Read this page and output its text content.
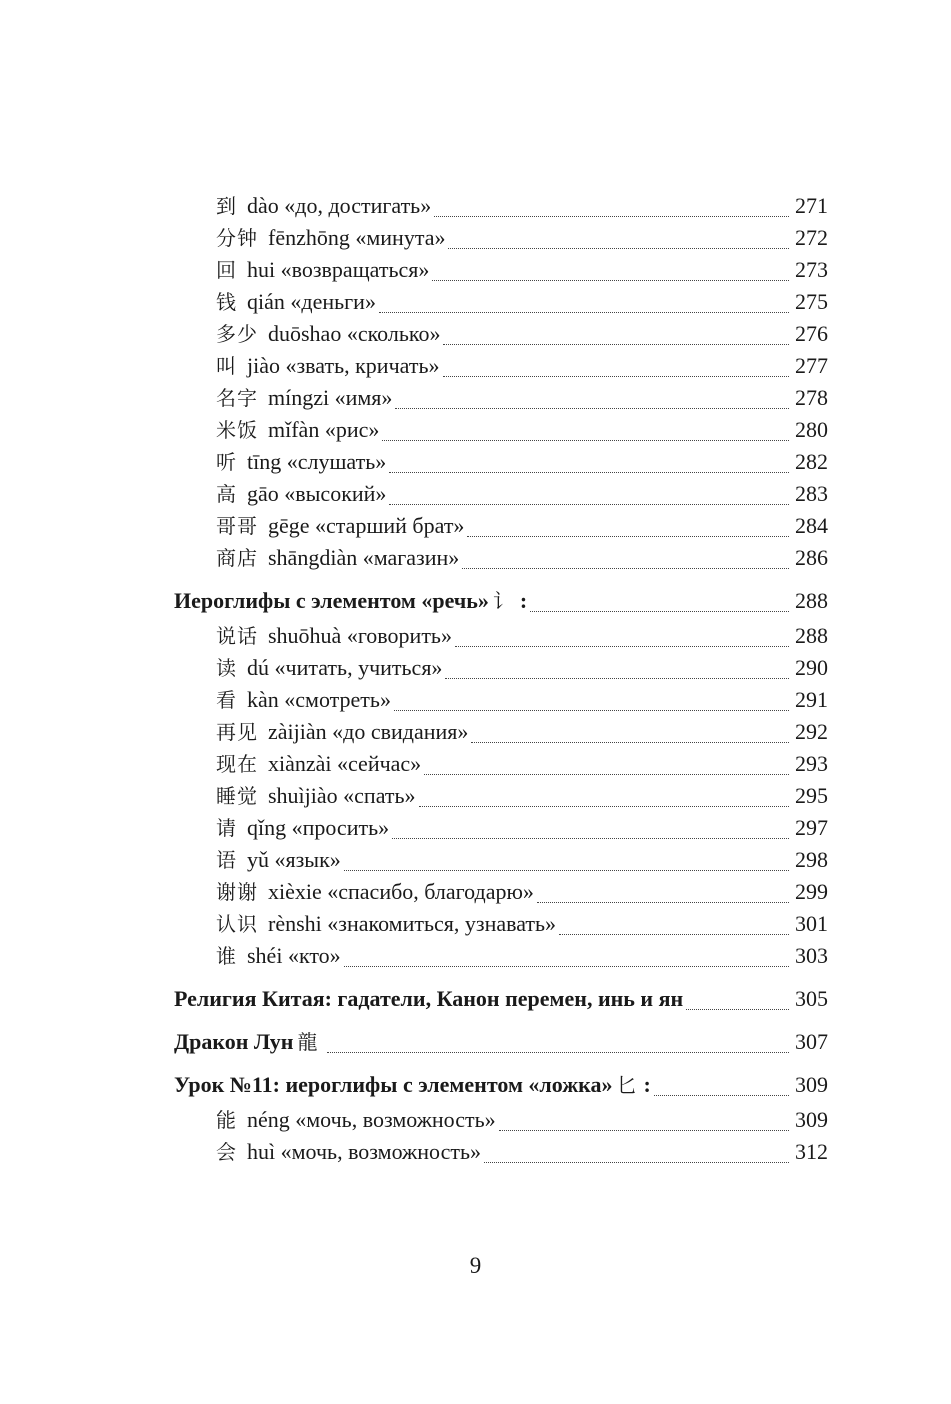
到 dào «до, достигать»	271
分钟 fēnzhōng «минута»	272
回 hui «возвращаться»	273
钱 qián «деньги»	275
多少 duōshao «сколько»	276
叫 jiào «звать, кричать»	277
名字 míngzi «имя»	278
米饭 mǐfàn «рис»	280
听 tīng «слушать»	282
高 gāo «высокий»	283
哥哥 gēge «старший брат»	284
商店 shāngdiàn «магазин»	286
Иероглифы с элементом «речь» 讠 :	288
说话 shuōhuà «говорить»	288
读 dú «читать, учиться»	290
看 kàn «смотреть»	291
再见 zàijiàn «до свидания»	292
现在 xiànzài «сейчас»	293
睡觉 shuìjiào «спать»	295
请 qǐng «просить»	297
语 yǔ «язык»	298
谢谢 xièxie «спасибо, благодарю»	299
认识 rènshi «знакомиться, узнавать»	301
谁 shéi «кто»	303
Религия Китая: гадатели, Канон перемен, инь и ян	305
Дракон Лун 龍	307
Урок №11: иероглифы с элементом «ложка» 匕 :	309
能 néng «мочь, возможность»	309
会 huì «мочь, возможность»	312
9
